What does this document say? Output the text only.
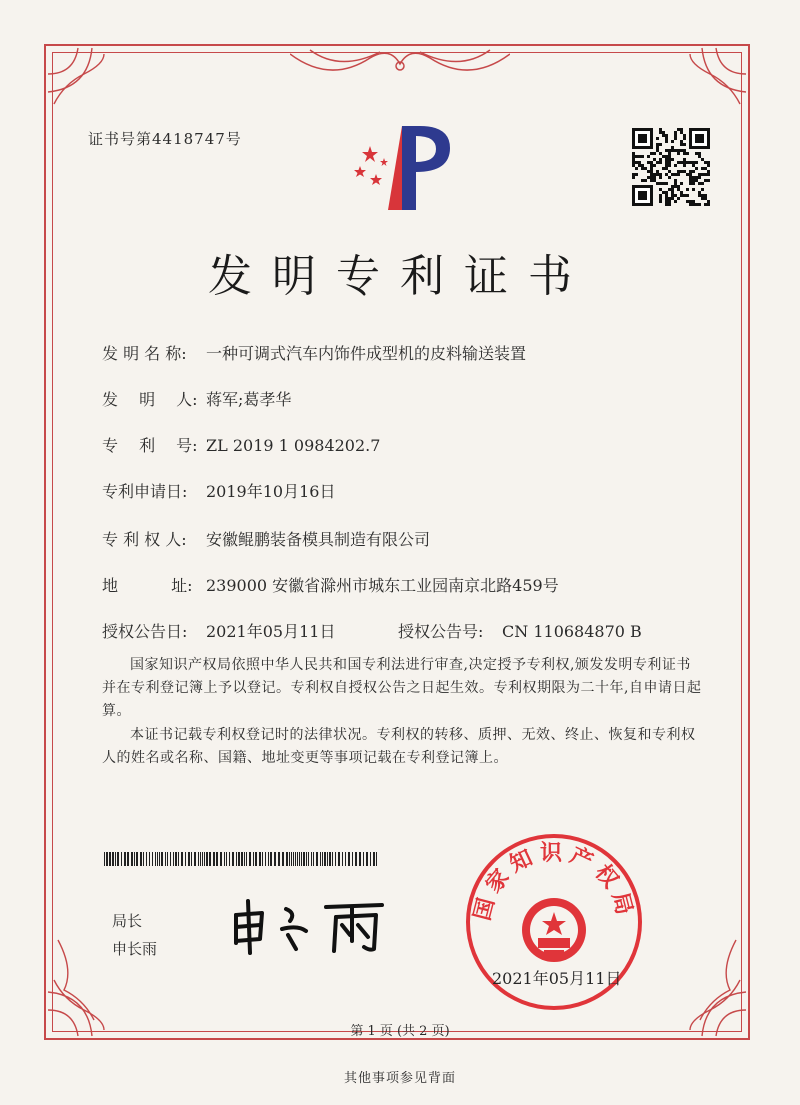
证书号第4418747号
发明专利证书
发 明 名 称: 一种可调式汽车内饰件成型机的皮料输送装置
发　 明　 人: 蒋军;葛孝华
专　 利　 号: ZL 2019 1 0984202.7
专利申请日: 2019年10月16日
专 利 权 人: 安徽鲲鹏装备模具制造有限公司
地　　　 址: 239000 安徽省滁州市城东工业园南京北路459号
授权公告日: 2021年05月11日	授权公告号: CN 110684870 B
国家知识产权局依照中华人民共和国专利法进行审查,决定授予专利权,颁发发明专利证书并在专利登记簿上予以登记。专利权自授权公告之日起生效。专利权期限为二十年,自申请日起算。
本证书记载专利权登记时的法律状况。专利权的转移、质押、无效、终止、恢复和专利权人的姓名或名称、国籍、地址变更等事项记载在专利登记簿上。
局长
申长雨
国家知识产权局
2021年05月11日
第 1 页 (共 2 页)
其他事项参见背面
